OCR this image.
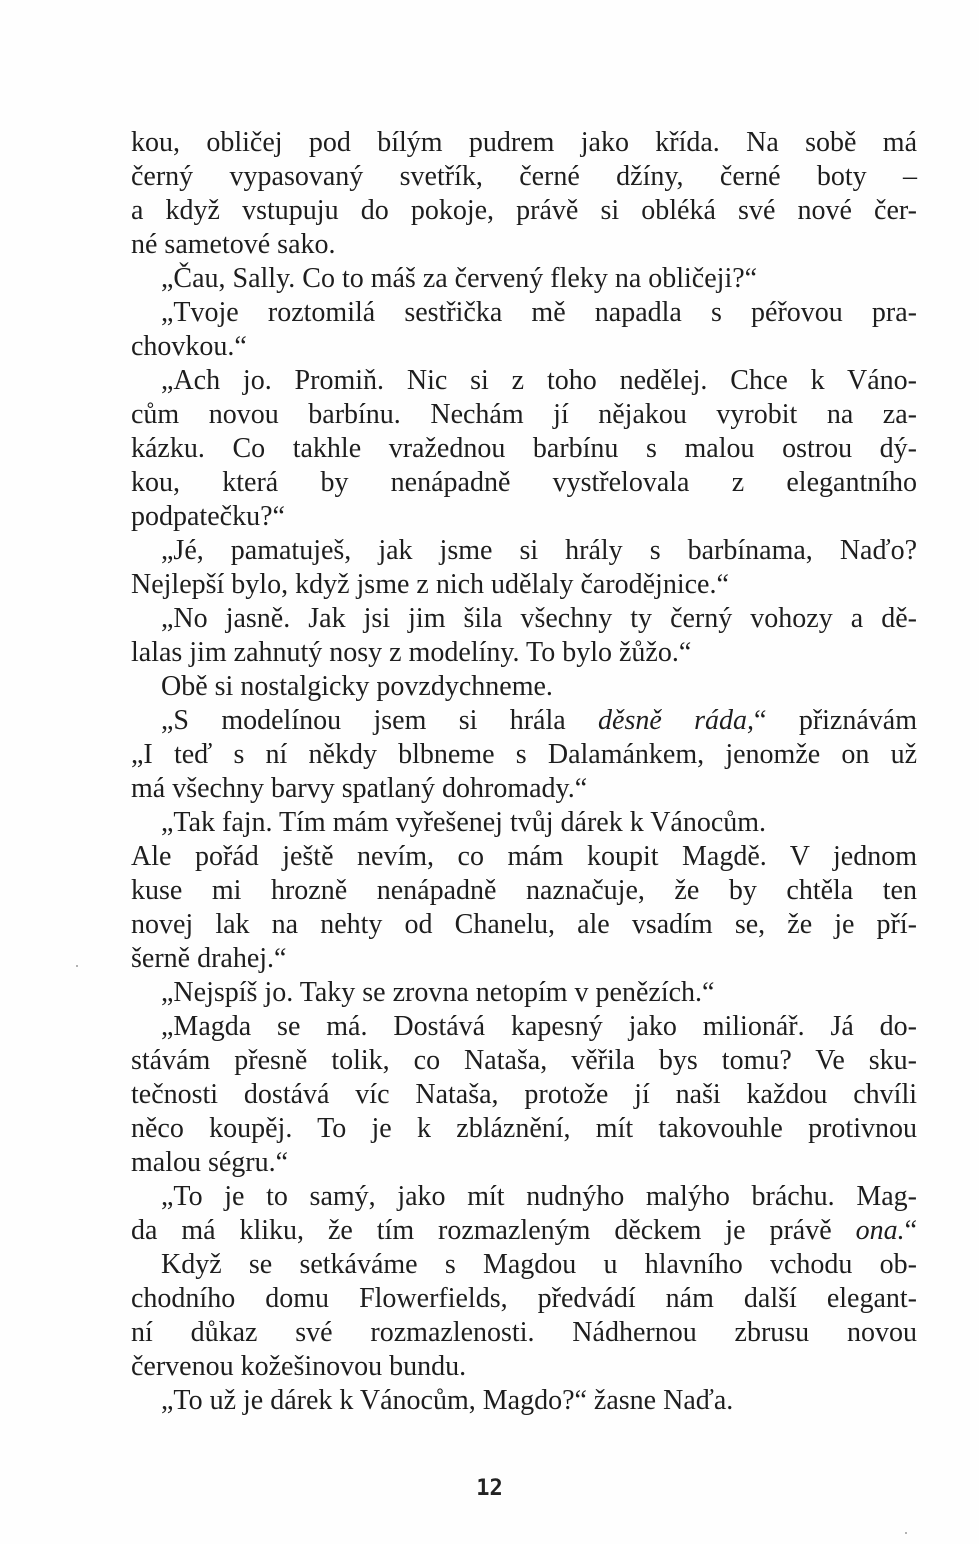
kou, obličej pod bílým pudrem jako křída. Na sobě má
černý vypasovaný svetřík, černé džíny, černé boty –
a když vstupuju do pokoje, právě si obléká své nové čer-
né sametové sako.
„Čau, Sally. Co to máš za červený fleky na obličeji?“
„Tvoje roztomilá sestřička mě napadla s péřovou pra-
chovkou.“
„Ach jo. Promiň. Nic si z toho nedělej. Chce k Váno-
cům novou barbínu. Nechám jí nějakou vyrobit na za-
kázku. Co takhle vražednou barbínu s malou ostrou dý-
kou, která by nenápadně vystřelovala z elegantního
podpatečku?“
„Jé, pamatuješ, jak jsme si hrály s barbínama, Naďo?
Nejlepší bylo, když jsme z nich udělaly čarodějnice.“
„No jasně. Jak jsi jim šila všechny ty černý vohozy a dě-
lalas jim zahnutý nosy z modelíny. To bylo žůžo.“
Obě si nostalgicky povzdychneme.
„S modelínou jsem si hrála děsně ráda,“ přiznávám
„I teď s ní někdy blbneme s Dalamánkem, jenomže on už
má všechny barvy spatlaný dohromady.“
„Tak fajn. Tím mám vyřešenej tvůj dárek k Vánocům.
Ale pořád ještě nevím, co mám koupit Magdě. V jednom
kuse mi hrozně nenápadně naznačuje, že by chtěla ten
novej lak na nehty od Chanelu, ale vsadím se, že je pří-
šerně drahej.“
„Nejspíš jo. Taky se zrovna netopím v penězích.“
„Magda se má. Dostává kapesný jako milionář. Já do-
stávám přesně tolik, co Nataša, věřila bys tomu? Ve sku-
tečnosti dostává víc Nataša, protože jí naši každou chvíli
něco koupěj. To je k zbláznění, mít takovouhle protivnou
malou ségru.“
„To je to samý, jako mít nudnýho malýho bráchu. Mag-
da má kliku, že tím rozmazleným děckem je právě ona.“
Když se setkáváme s Magdou u hlavního vchodu ob-
chodního domu Flowerfields, předvádí nám další elegant-
ní důkaz své rozmazlenosti. Nádhernou zbrusu novou
červenou kožešinovou bundu.
„To už je dárek k Vánocům, Magdo?“ žasne Naďa.
12
